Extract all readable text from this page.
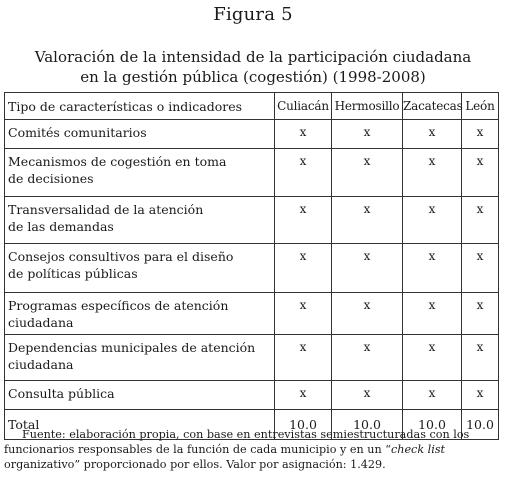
Figura 5
Valoración de la intensidad de la participación ciudadana
en la gestión pública (cogestión) (1998-2008)
Tipo de características o indicadores	Culiacán	Hermosillo	Zacatecas	León

Comités comunitarios	x	x	x	x

Mecanismos de cogestión en toma
de decisiones	x	x	x	x

Transversalidad de la atención
de las demandas	x	x	x	x

Consejos consultivos para el diseño
de políticas públicas	x	x	x	x

Programas específicos de atención ciudadana	x	x	x	x

Dependencias municipales de atención
ciudadana	x	x	x	x

Consulta pública	x	x	x	x
Total	10.0	10.0	10.0	10.0
Fuente: elaboración propia, con base en entrevistas semiestructuradas con los funcionarios responsables de la función de cada municipio y en un “check list organizativo” proporcionado por ellos. Valor por asignación: 1.429.
